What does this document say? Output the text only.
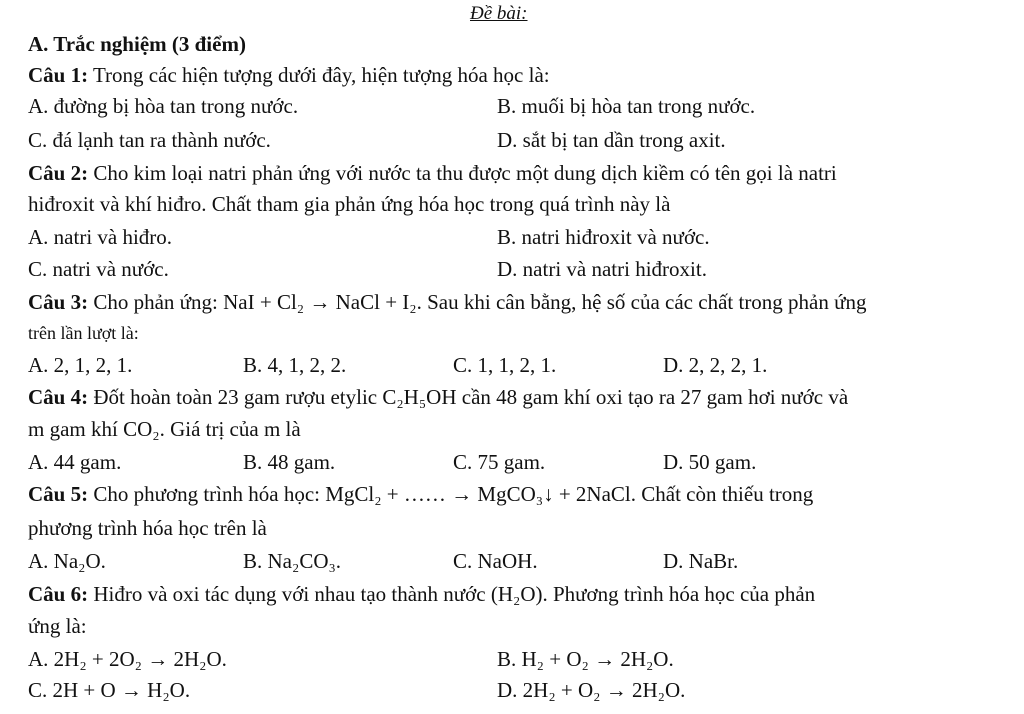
Đề bài:
A. Trắc nghiệm (3 điểm)
Câu 1: Trong các hiện tượng dưới đây, hiện tượng hóa học là:
A. đường bị hòa tan trong nước.	B. muối bị hòa tan trong nước.
C. đá lạnh tan ra thành nước.	D. sắt bị tan dần trong axit.
Câu 2: Cho kim loại natri phản ứng với nước ta thu được một dung dịch kiềm có tên gọi là natri
hiđroxit và khí hiđro. Chất tham gia phản ứng hóa học trong quá trình này là
A. natri và hiđro.	B. natri hiđroxit và nước.
C. natri và nước.	D. natri và natri hiđroxit.
Câu 3: Cho phản ứng: NaI + Cl₂ → NaCl + I₂. Sau khi cân bằng, hệ số của các chất trong phản ứng
trên lần lượt là:
A. 2, 1, 2, 1.	B. 4, 1, 2, 2.	C. 1, 1, 2, 1.	D. 2, 2, 2, 1.
Câu 4: Đốt hoàn toàn 23 gam rượu etylic C₂H₅OH cần 48 gam khí oxi tạo ra 27 gam hơi nước và
m gam khí CO₂. Giá trị của m là
A. 44 gam.	B. 48 gam.	C. 75 gam.	D. 50 gam.
Câu 5: Cho phương trình hóa học: MgCl₂ + …… → MgCO₃↓ + 2NaCl. Chất còn thiếu trong
phương trình hóa học trên là
A. Na₂O.	B. Na₂CO₃.	C. NaOH.	D. NaBr.
Câu 6: Hiđro và oxi tác dụng với nhau tạo thành nước (H₂O). Phương trình hóa học của phản
ứng là:
A. 2H₂ + 2O₂ → 2H₂O.	B. H₂ + O₂ → 2H₂O.
C. 2H + O → H₂O.	D. 2H₂ + O₂ → 2H₂O.
